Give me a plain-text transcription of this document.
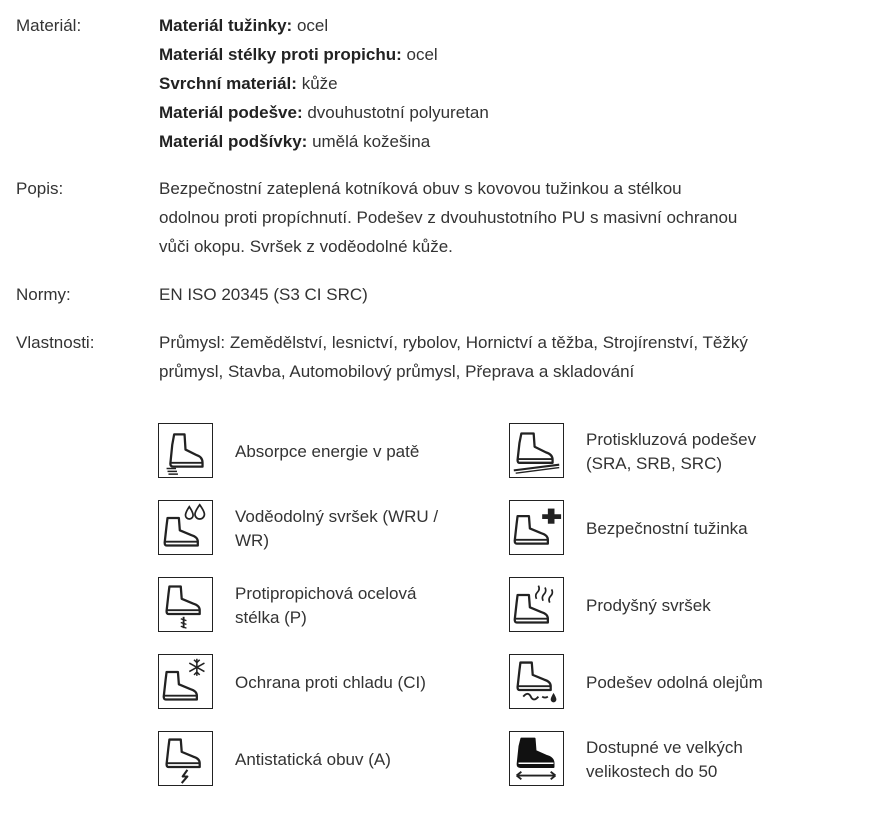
Materiál:	Materiál tužinky: ocel
Materiál stélky proti propichu: ocel
Svrchní materiál: kůže
Materiál podešve: dvouhustotní polyuretan
Materiál podšívky: umělá kožešina
Popis:	Bezpečnostní zateplená kotníková obuv s kovovou tužinkou a stélkou
odolnou proti propíchnutí. Podešev z dvouhustotního PU s masivní ochranou
vůči okopu. Svršek z voděodolné kůže.
Normy:	EN ISO 20345 (S3 CI SRC)
Vlastnosti:	Průmysl: Zemědělství, lesnictví, rybolov, Hornictví a těžba, Strojírenství, Těžký
průmysl, Stavba, Automobilový průmysl, Přeprava a skladování
Absorpce energie v patě
Protiskluzová podešev
(SRA, SRB, SRC)
Voděodolný svršek (WRU /
WR)
Bezpečnostní tužinka
Protipropichová ocelová
stélka (P)
Prodyšný svršek
Ochrana proti chladu (CI)	Podešev odolná olejům
Antistatická obuv (A)
Dostupné ve velkých
velikostech do 50
